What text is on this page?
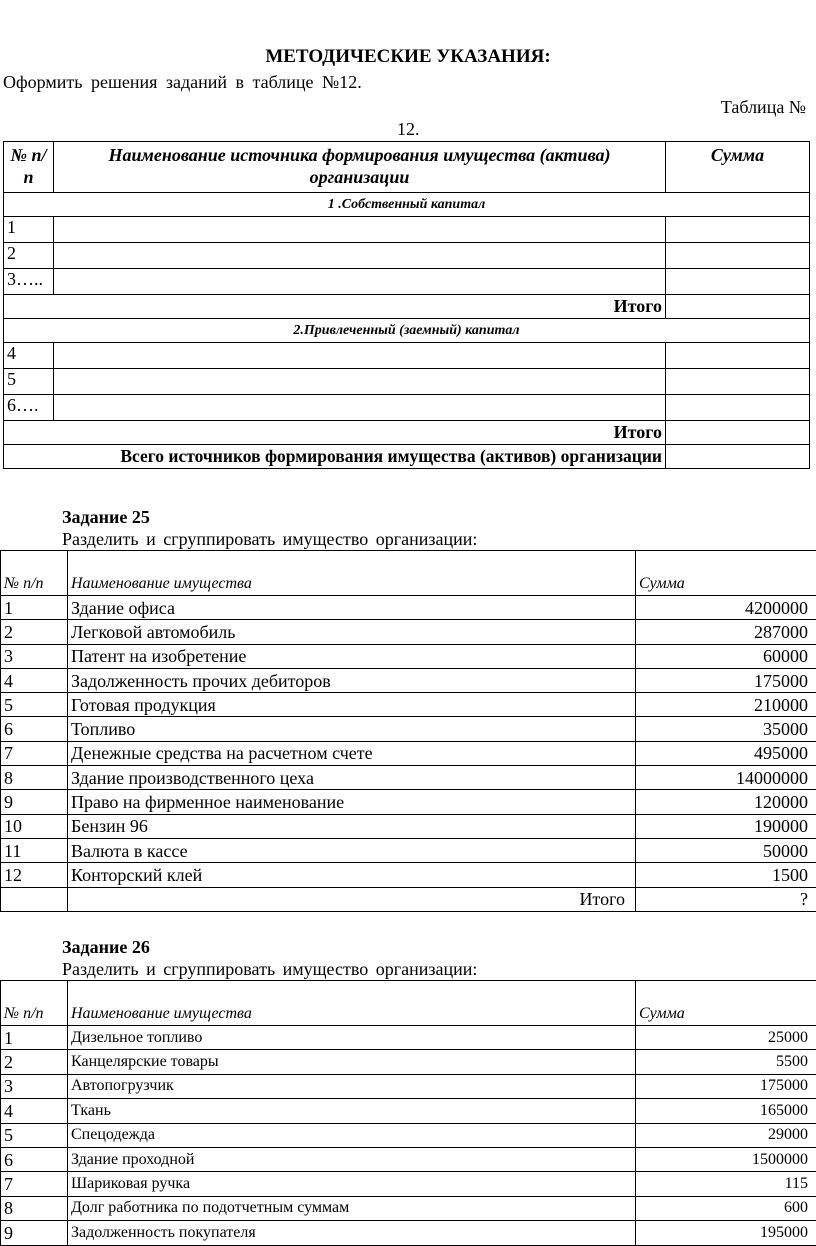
МЕТОДИЧЕСКИЕ УКАЗАНИЯ:
Оформить решения заданий в таблице №12.
Таблица №
12.
№ п/п	Наименование источника формирования имущества (актива) организации	Сумма
1 .Собственный капитал		
1		
2		
3…..		
Итого		
2.Привлеченный (заемный) капитал		
4		
5		
6….		
Итого		
Всего источников формирования имущества (активов) организации		
Задание 25
Разделить и сгруппировать имущество организации:
№ п/п	Наименование имущества	Сумма
1	Здание офиса	4200000
2	Легковой автомобиль	287000
3	Патент на изобретение	60000
4	Задолженность прочих дебиторов	175000
5	Готовая продукция	210000
6	Топливо	35000
7	Денежные средства на расчетном счете	495000
8	Здание производственного цеха	14000000
9	Право на фирменное наименование	120000
10	Бензин 96	190000
11	Валюта в кассе	50000
12	Конторский клей	1500
	Итого	?
Задание 26
Разделить и сгруппировать имущество организации:
№ п/п	Наименование имущества	Сумма
1	Дизельное топливо	25000
2	Канцелярские товары	5500
3	Автопогрузчик	175000
4	Ткань	165000
5	Спецодежда	29000
6	Здание проходной	1500000
7	Шариковая ручка	115
8	Долг работника по подотчетным суммам	600
9	Задолженность покупателя	195000
